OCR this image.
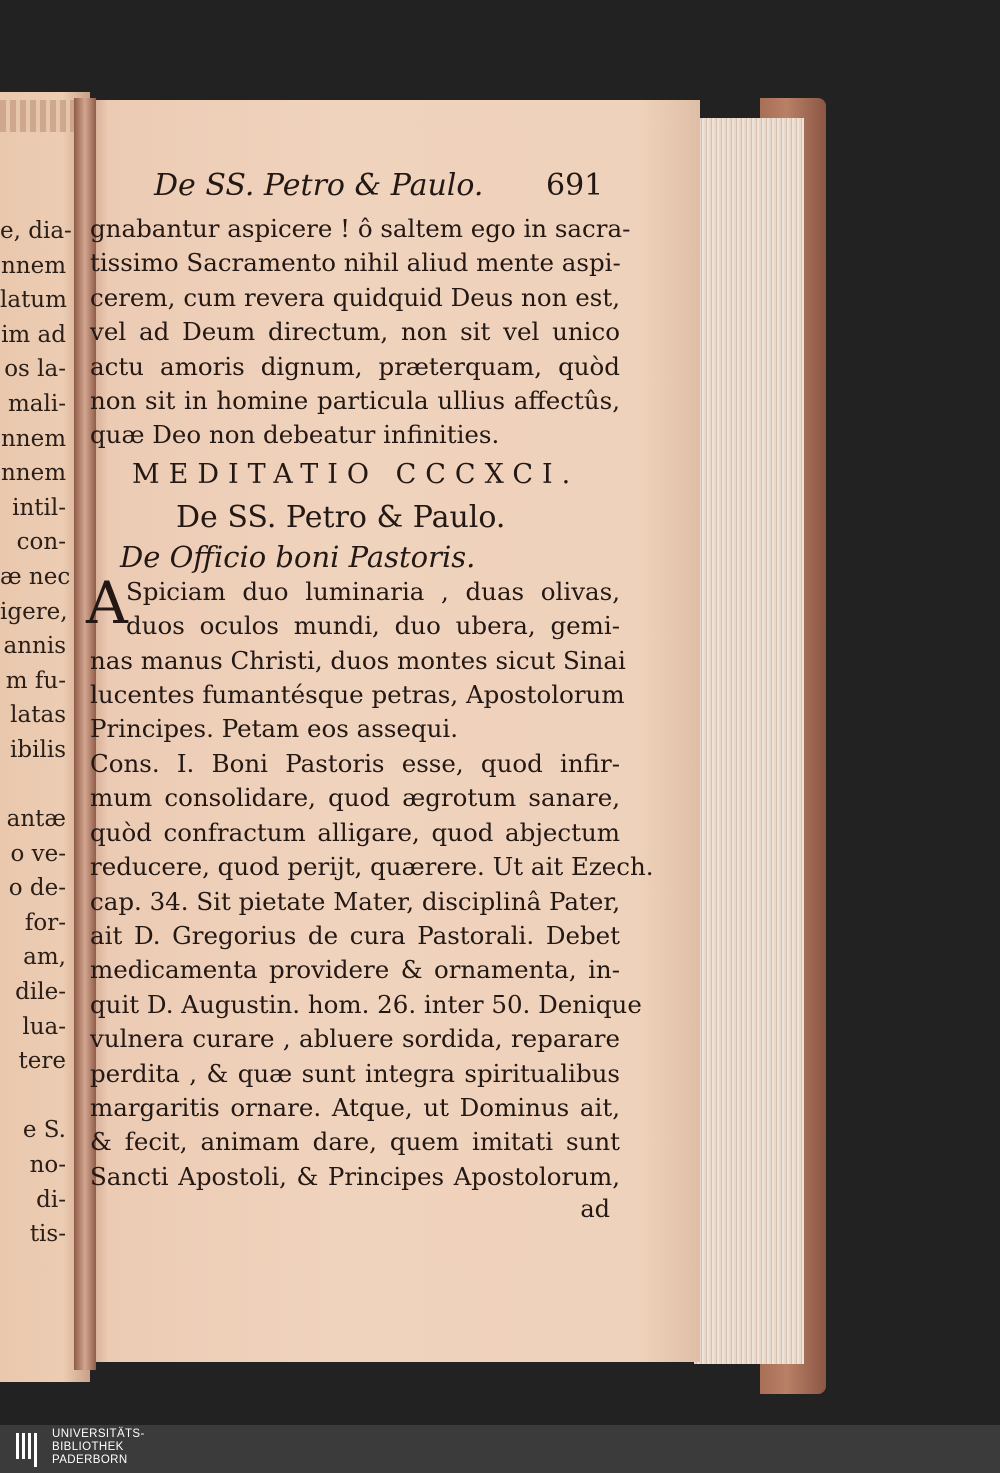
e, dia-
nnem
latum
im ad
os la-
mali-
nnem
nnem
intil-
con-
æ nec
igere,
annis
m fu-
latas
ibilis
antæ
o ve-
o de-
for-
am,
dile-
lua-
tere
e S.
no-
di-
tis-
De SS. Petro & Paulo. 691
gnabantur aspicere ! ô saltem ego in sacra-
tissimo Sacramento nihil aliud mente aspi-
cerem, cum revera quidquid Deus non est,
vel ad Deum directum, non sit vel unico
actu amoris dignum, præterquam, quòd
non sit in homine particula ullius affectûs,
quæ Deo non debeatur infinities.
MEDITATIO CCCXCI.
De SS. Petro & Paulo.
De Officio boni Pastoris.
A
Spiciam duo luminaria , duas olivas,
duos oculos mundi, duo ubera, gemi-
nas manus Christi, duos montes sicut Sinai
lucentes fumantésque petras, Apostolorum
Principes. Petam eos assequi.
Cons. I. Boni Pastoris esse, quod infir-
mum consolidare, quod ægrotum sanare,
quòd confractum alligare, quod abjectum
reducere, quod perijt, quærere. Ut ait Ezech.
cap. 34. Sit pietate Mater, disciplinâ Pater,
ait D. Gregorius de cura Pastorali. Debet
medicamenta providere & ornamenta, in-
quit D. Augustin. hom. 26. inter 50. Denique
vulnera curare , abluere sordida, reparare
perdita , & quæ sunt integra spiritualibus
margaritis ornare. Atque, ut Dominus ait,
& fecit, animam dare, quem imitati sunt
Sancti Apostoli, & Principes Apostolorum,
ad
UNIVERSITÄTS-
BIBLIOTHEK
PADERBORN
